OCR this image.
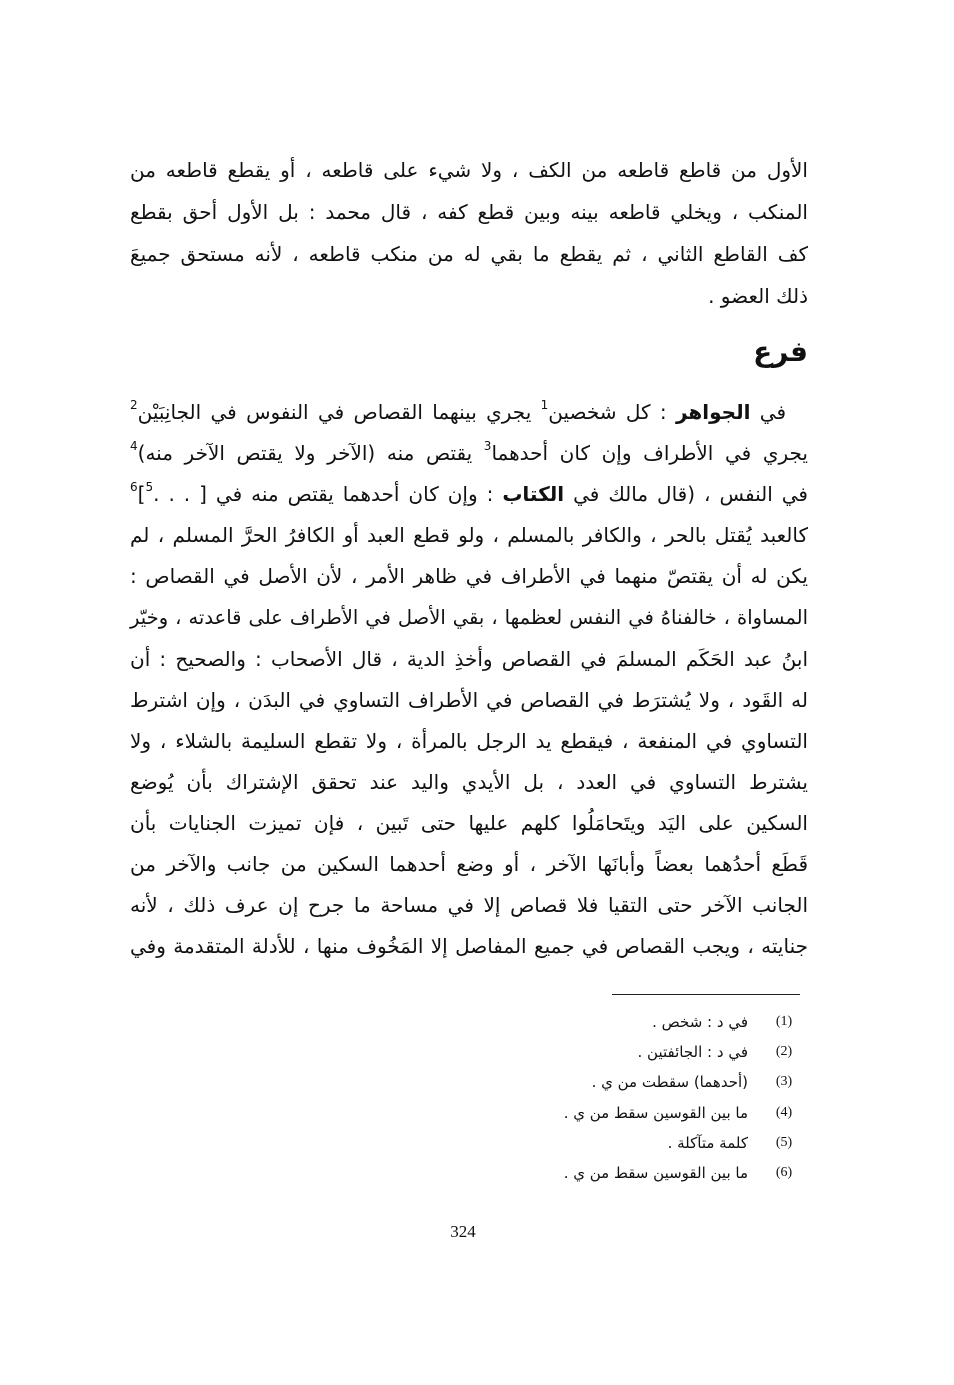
الأول من قاطع قاطعه من الكف ، ولا شيء على قاطعه ، أو يقطع قاطعه من
المنكب ، ويخلي قاطعه بينه وبين قطع كفه ، قال محمد : بل الأول أحق بقطع
كف القاطع الثاني ، ثم يقطع ما بقي له من منكب قاطعه ، لأنه مستحق جميعَ
ذلك العضو .
فرع
في الجواهر : كل شخصين$^1$ يجري بينهما القصاص في النفوس في الجانِبَيْن$^2$
يجري في الأطراف وإن كان أحدهما$^3$ يقتص منه (الآخر ولا يقتص الآخر منه)$^4$
في النفس ، (قال مالك في الكتاب : وإن كان أحدهما يقتص منه في [ . . .$^5$]$^6$
كالعبد يُقتل بالحر ، والكافر بالمسلم ، ولو قطع العبد أو الكافرُ الحرَّ المسلم ، لم
يكن له أن يقتصّ منهما في الأطراف في ظاهر الأمر ، لأن الأصل في القصاص :
المساواة ، خالفناهُ في النفس لعظمها ، بقي الأصل في الأطراف على قاعدته ، وخيّر
ابنُ عبد الحَكَم المسلمَ في القصاص وأخذِ الدية ، قال الأصحاب : والصحيح : أن
له القَود ، ولا يُشترَط في القصاص في الأطراف التساوي في البدَن ، وإن اشترط
التساوي في المنفعة ، فيقطع يد الرجل بالمرأة ، ولا تقطع السليمة بالشلاء ، ولا
يشترط التساوي في العدد ، بل الأيدي واليد عند تحقق الإشتراك بأن يُوضع
السكين على اليَد ويتَحامَلُوا كلهم عليها حتى تَبين ، فإن تميزت الجنايات بأن
قَطَع أحدُهما بعضاً وأبانَها الآخر ، أو وضع أحدهما السكين من جانب والآخر من
الجانب الآخر حتى التقيا فلا قصاص إلا في مساحة ما جرح إن عرف ذلك ، لأنه
جنايته ، ويجب القصاص في جميع المفاصل إلا المَخُوف منها ، للأدلة المتقدمة وفي
(1)
في د : شخص .
(2)
في د : الجائفتين .
(3)
(أحدهما) سقطت من ي .
(4)
ما بين القوسين سقط من ي .
(5)
كلمة متآكلة .
(6)
ما بين القوسين سقط من ي .
324
